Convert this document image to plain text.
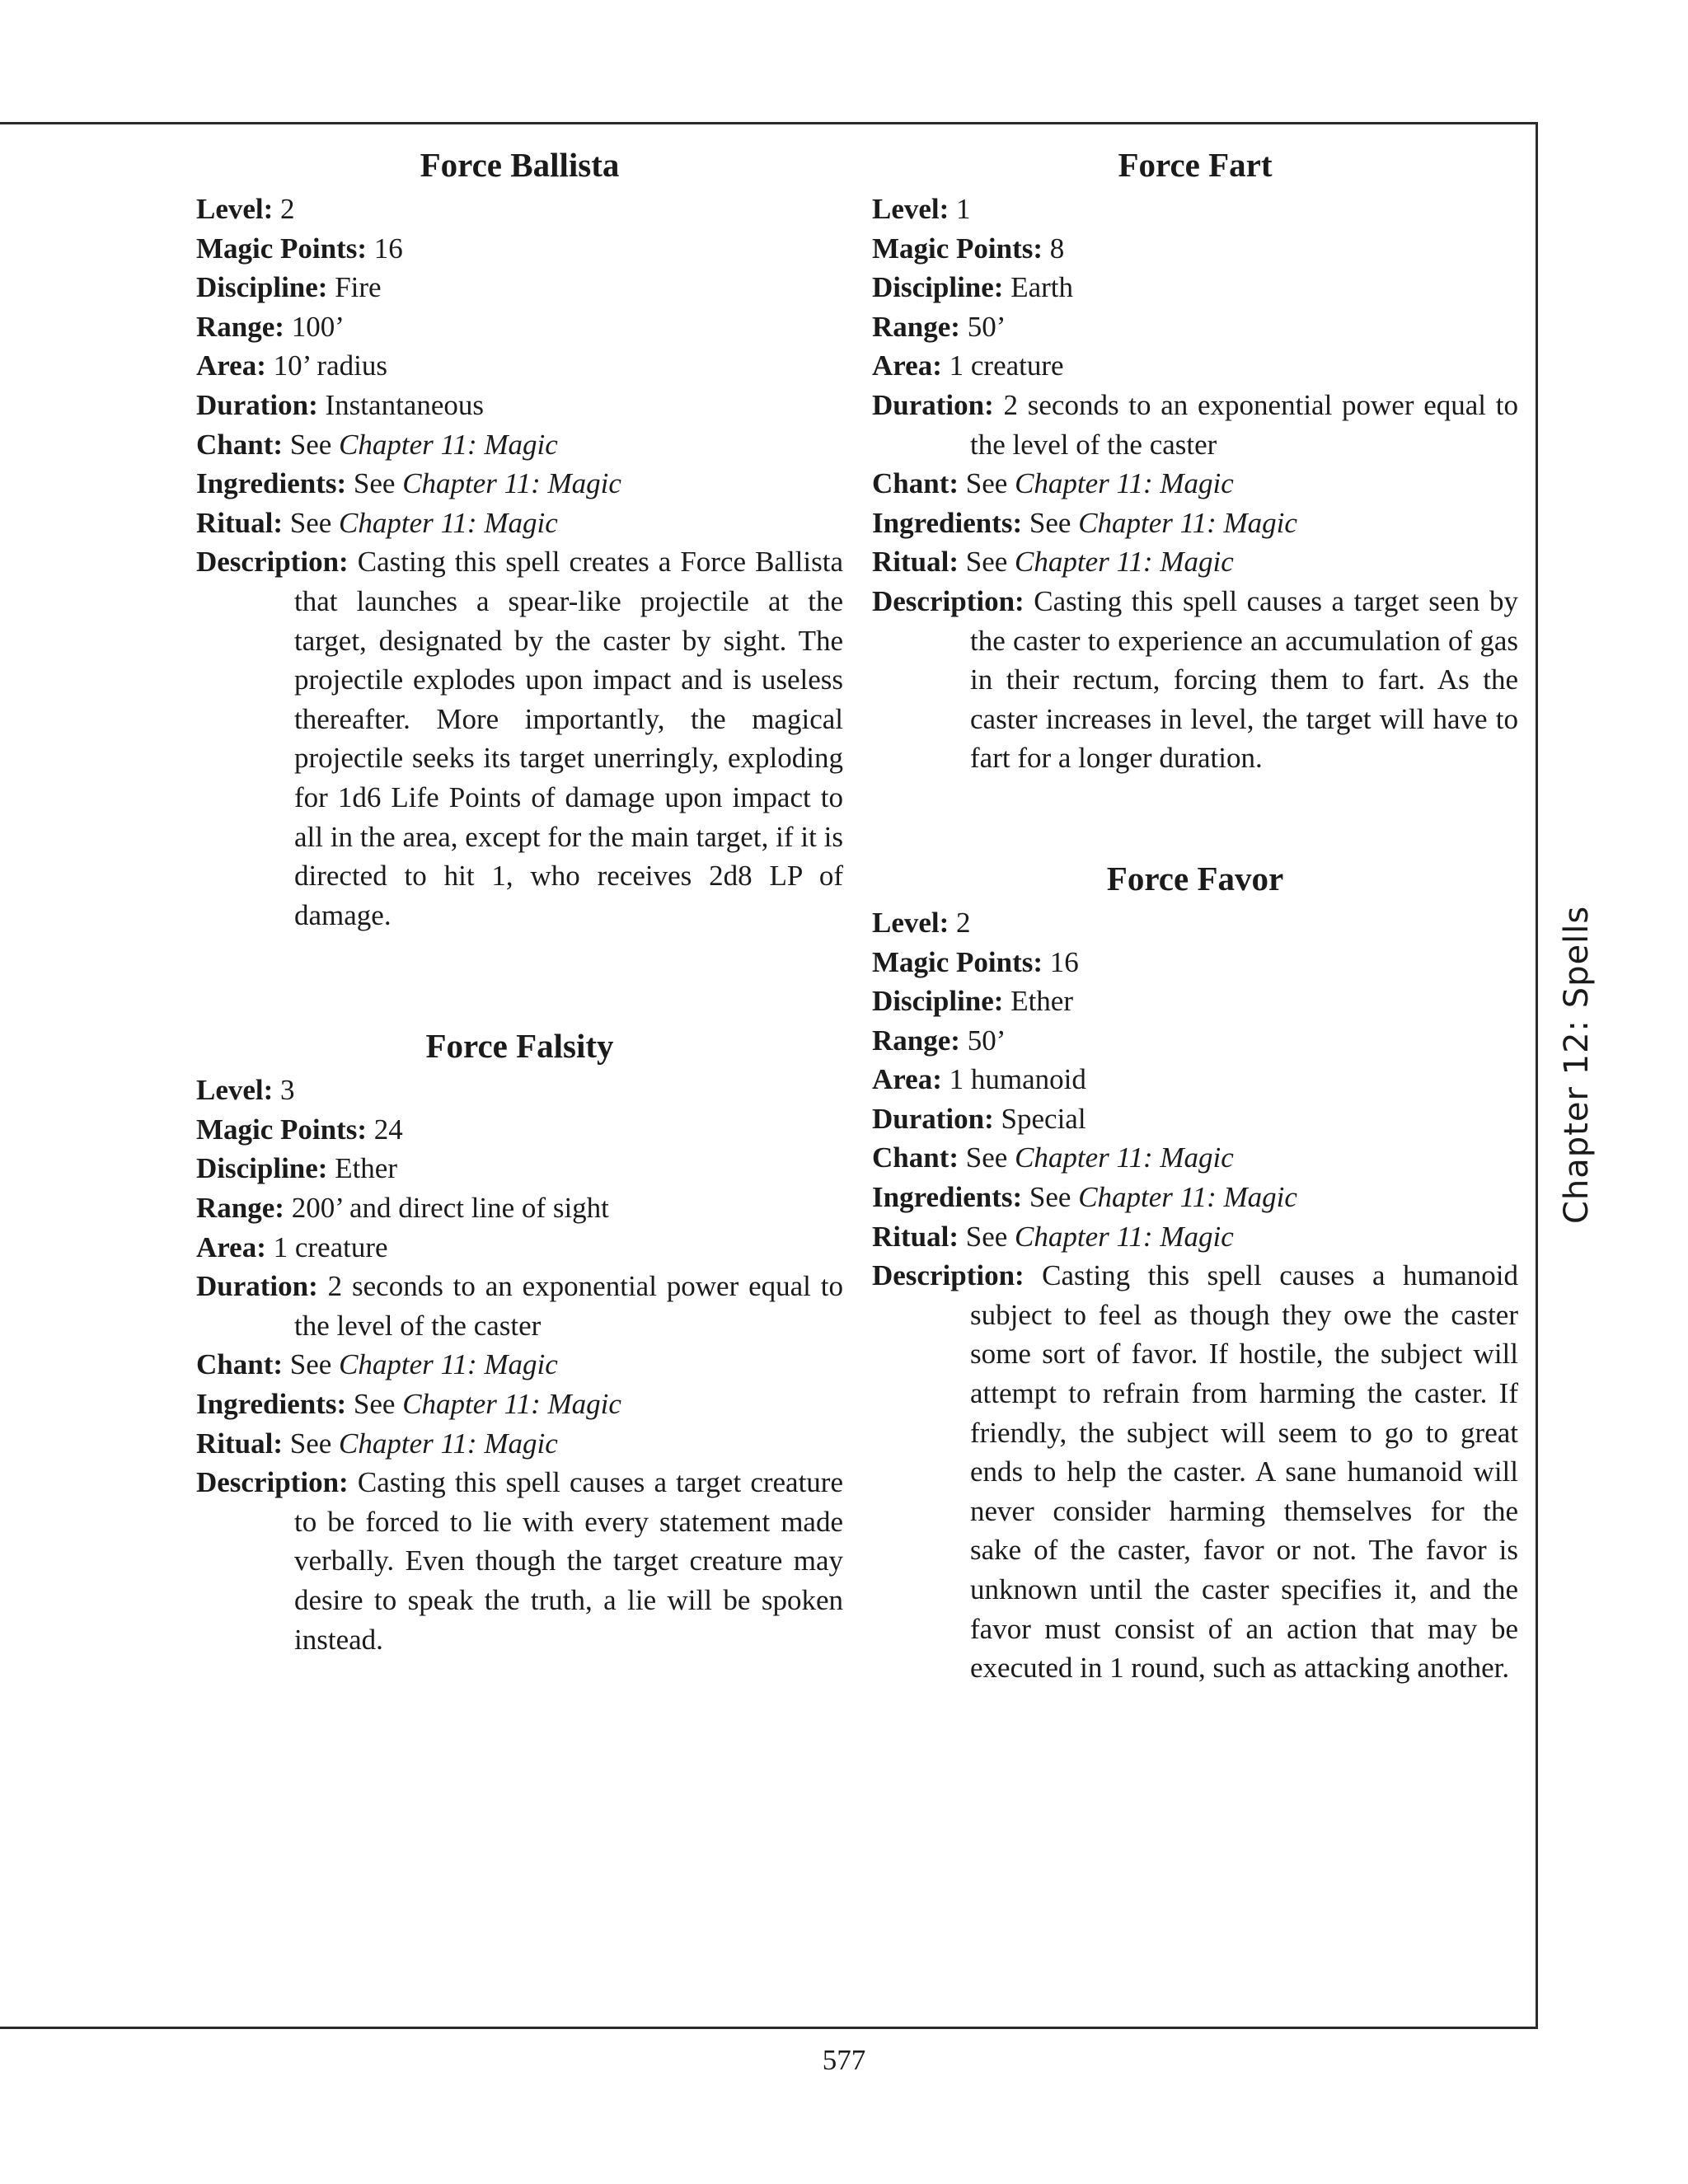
Force Ballista

Level: 2

Magic Points: 16

Discipline: Fire

Range: 100’

Area: 10’ radius

Duration: Instantaneous

Chant: See Chapter 11: Magic

Ingredients: See Chapter 11: Magic

Ritual: See Chapter 11: Magic

Description: Casting this spell creates a Force Ballista that launches a spear-like projectile at the target, designated by the caster by sight. The projectile explodes upon impact and is useless thereafter. More importantly, the magical projectile seeks its target unerringly, exploding for 1d6 Life Points of damage upon impact to all in the area, except for the main target, if it is directed to hit 1, who receives 2d8 LP of damage.

Force Falsity

Level: 3

Magic Points: 24

Discipline: Ether

Range: 200’ and direct line of sight

Area: 1 creature

Duration: 2 seconds to an exponential power equal to the level of the caster

Chant: See Chapter 11: Magic

Ingredients: See Chapter 11: Magic

Ritual: See Chapter 11: Magic

Description: Casting this spell causes a target creature to be forced to lie with every statement made verbally. Even though the target creature may desire to speak the truth, a lie will be spoken instead.

Force Fart

Level: 1

Magic Points: 8

Discipline: Earth

Range: 50’

Area: 1 creature

Duration: 2 seconds to an exponential power equal to the level of the caster

Chant: See Chapter 11: Magic

Ingredients: See Chapter 11: Magic

Ritual: See Chapter 11: Magic

Description: Casting this spell causes a target seen by the caster to experience an accumulation of gas in their rectum, forcing them to fart. As the caster increases in level, the target will have to fart for a longer duration.

Force Favor

Level: 2

Magic Points: 16

Discipline: Ether

Range: 50’

Area: 1 humanoid

Duration: Special

Chant: See Chapter 11: Magic

Ingredients: See Chapter 11: Magic

Ritual: See Chapter 11: Magic

Description: Casting this spell causes a humanoid subject to feel as though they owe the caster some sort of favor. If hostile, the subject will attempt to refrain from harming the caster. If friendly, the subject will seem to go to great ends to help the caster. A sane humanoid will never consider harming themselves for the sake of the caster, favor or not. The favor is unknown until the caster specifies it, and the favor must consist of an action that may be executed in 1 round, such as attacking another.

Chapter 12: Spells
577
